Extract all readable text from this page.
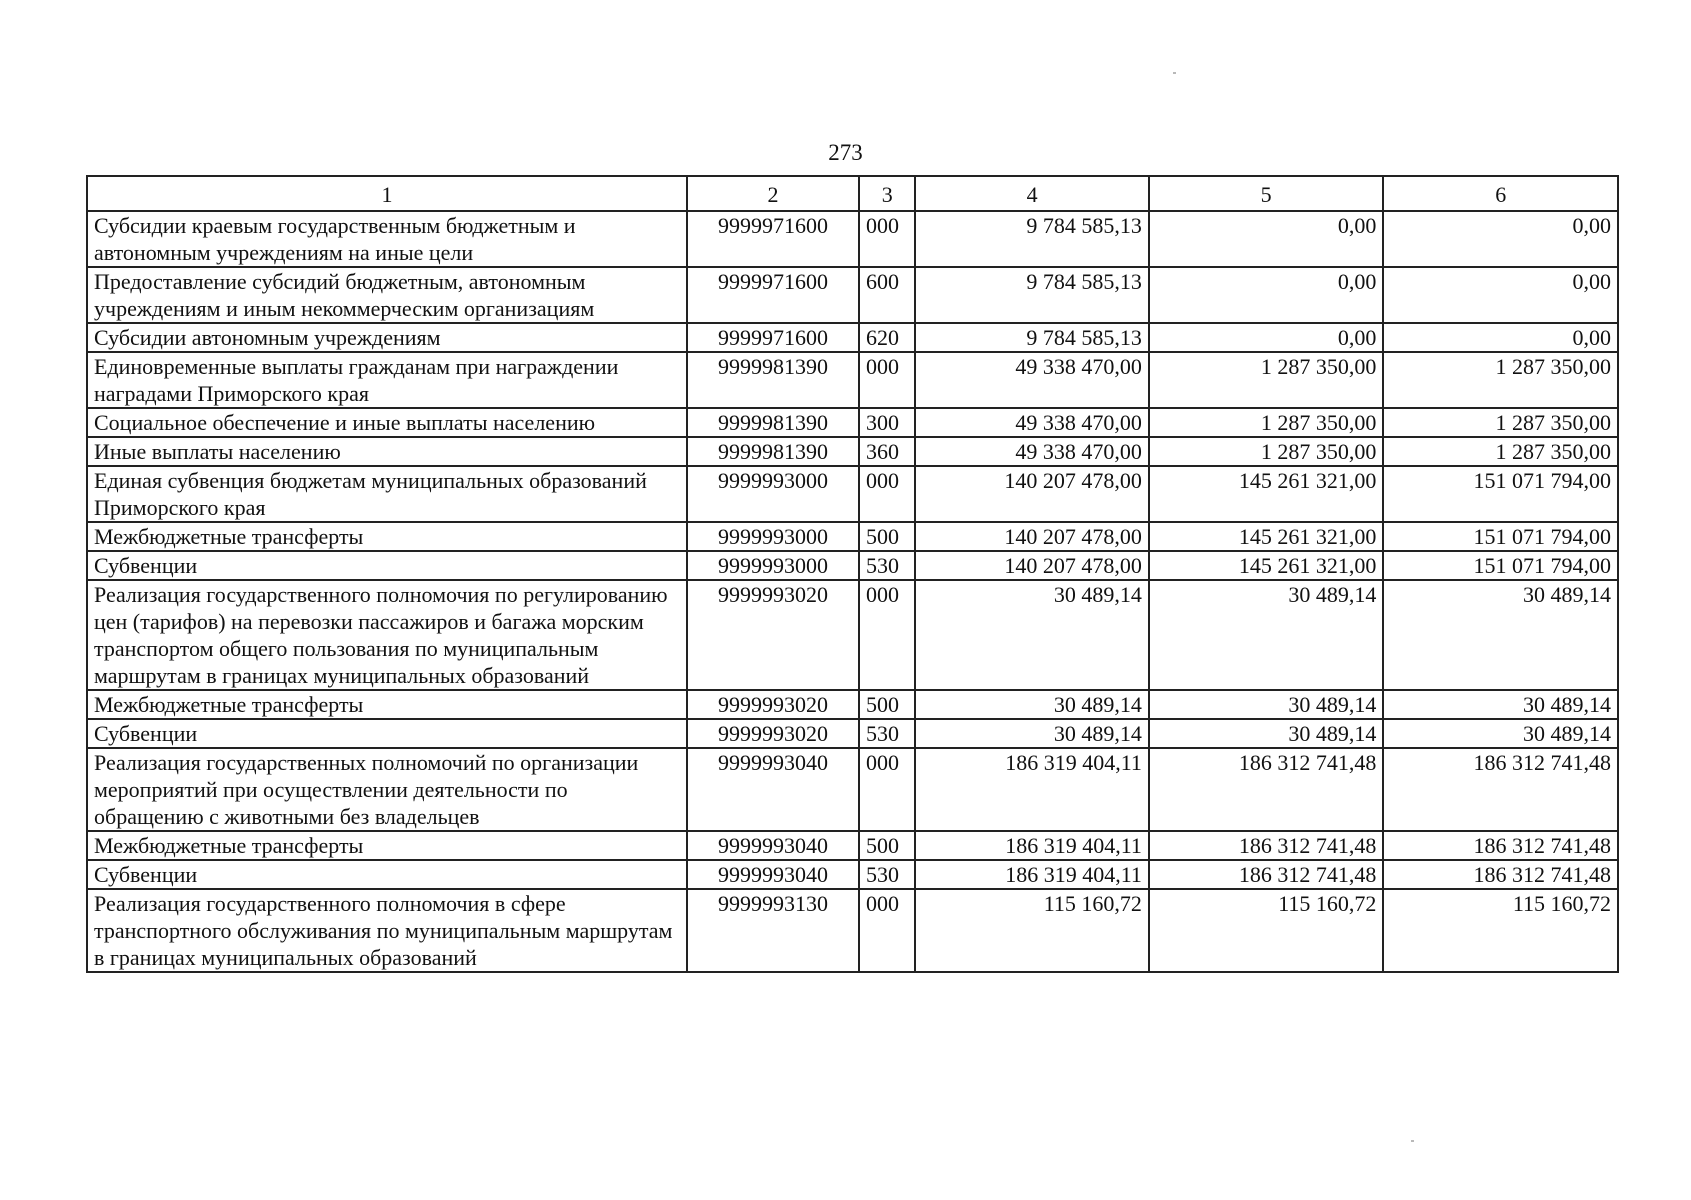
273
1	2	3	4	5	6
Субсидии краевым государственным бюджетным и автономным учреждениям на иные цели	9999971600	000	9 784 585,13	0,00	0,00
Предоставление субсидий бюджетным, автономным учреждениям и иным некоммерческим организациям	9999971600	600	9 784 585,13	0,00	0,00
Субсидии автономным учреждениям	9999971600	620	9 784 585,13	0,00	0,00
Единовременные выплаты гражданам при награждении наградами Приморского края	9999981390	000	49 338 470,00	1 287 350,00	1 287 350,00
Социальное обеспечение и иные выплаты населению	9999981390	300	49 338 470,00	1 287 350,00	1 287 350,00
Иные выплаты населению	9999981390	360	49 338 470,00	1 287 350,00	1 287 350,00
Единая субвенция бюджетам муниципальных образований Приморского края	9999993000	000	140 207 478,00	145 261 321,00	151 071 794,00
Межбюджетные трансферты	9999993000	500	140 207 478,00	145 261 321,00	151 071 794,00
Субвенции	9999993000	530	140 207 478,00	145 261 321,00	151 071 794,00
Реализация государственного полномочия по регулированию цен (тарифов) на перевозки пассажиров и багажа морским транспортом общего пользования по муниципальным маршрутам в границах муниципальных образований	9999993020	000	30 489,14	30 489,14	30 489,14
Межбюджетные трансферты	9999993020	500	30 489,14	30 489,14	30 489,14
Субвенции	9999993020	530	30 489,14	30 489,14	30 489,14
Реализация государственных полномочий по организации мероприятий при осуществлении деятельности по обращению с животными без владельцев	9999993040	000	186 319 404,11	186 312 741,48	186 312 741,48
Межбюджетные трансферты	9999993040	500	186 319 404,11	186 312 741,48	186 312 741,48
Субвенции	9999993040	530	186 319 404,11	186 312 741,48	186 312 741,48
Реализация государственного полномочия в сфере транспортного обслуживания по муниципальным маршрутам в границах муниципальных образований	9999993130	000	115 160,72	115 160,72	115 160,72
